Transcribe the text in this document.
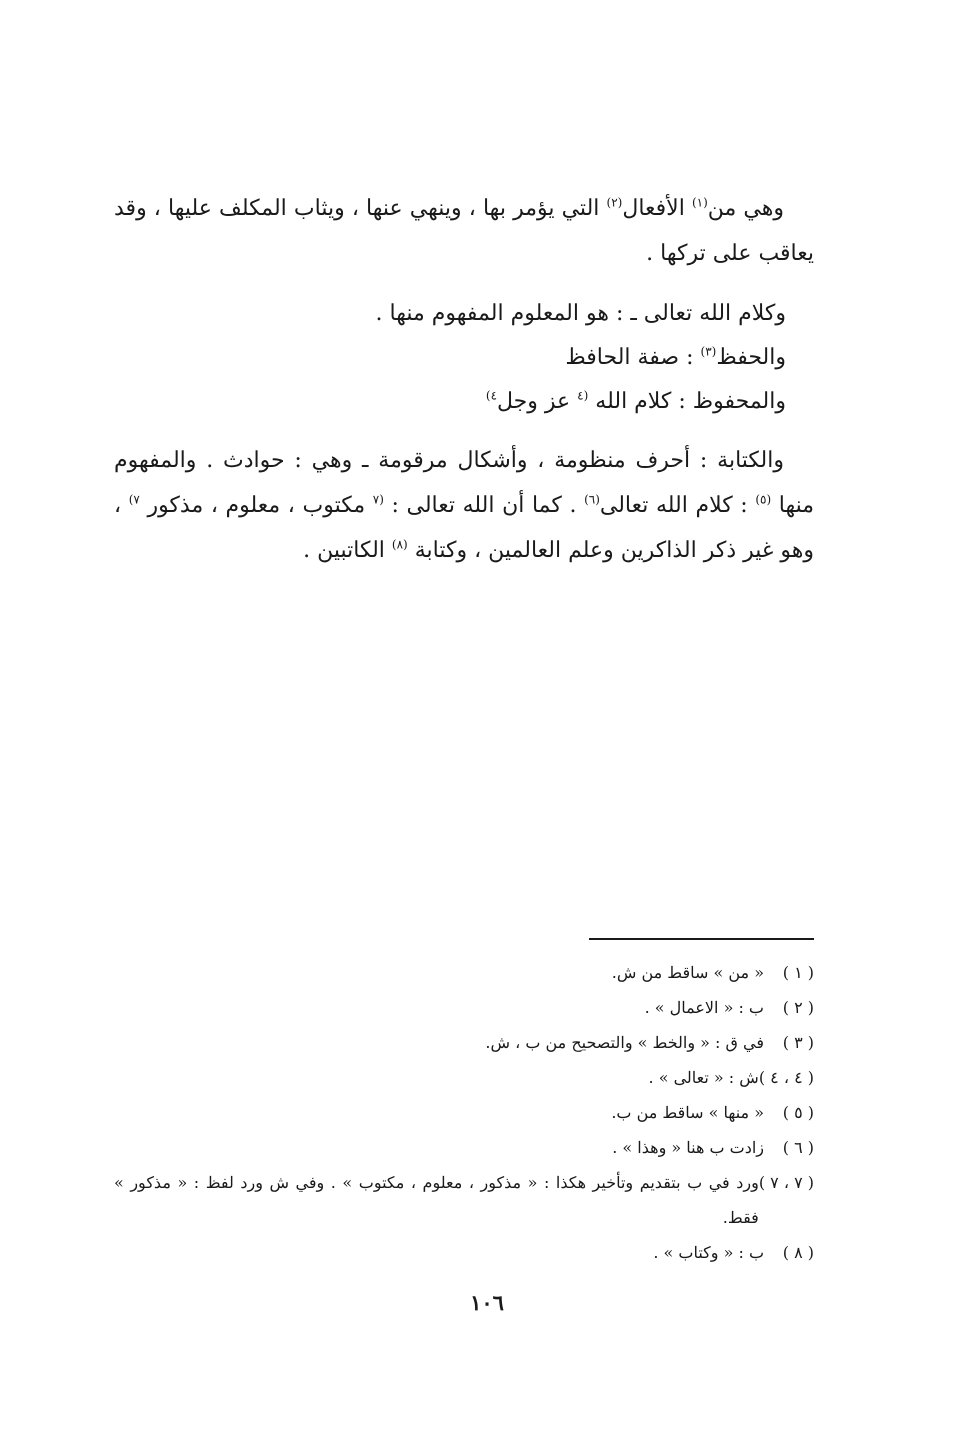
وهي من$^{(١)}$ الأفعال$^{(٢)}$ التي يؤمر بها ، وينهي عنها ، ويثاب المكلف عليها ، وقد يعاقب على تركها .

وكلام الله تعالى ـ : هو المعلوم المفهوم منها .
والحفظ$^{(٣)}$ : صفة الحافظ
والمحفوظ : كلام الله $^{(٤}$ عز وجل$^{٤)}$

والكتابة : أحرف منظومة ، وأشكال مرقومة ـ وهي : حوادث . والمفهوم منها $^{(٥)}$ : كلام الله تعالى$^{(٦)}$ . كما أن الله تعالى : $^{(٧}$ مكتوب ، معلوم ، مذكور $^{٧)}$ ، وهو غير ذكر الذاكرين وعلم العالمين ، وكتابة $^{(٨)}$ الكاتبين .

( ١ )
« من » ساقط من ش.
( ٢ )
ب : « الاعمال » .
( ٣ )
في ق : « والخط » والتصحيح من ب ، ش.
( ٤ ، ٤ )
ش : « تعالى » .
( ٥ )
« منها » ساقط من ب.
( ٦ )
زادت ب هنا « وهذا » .
( ٧ ، ٧ )
ورد في ب بتقديم وتأخير هكذا : « مذكور ، معلوم ، مكتوب » . وفي ش ورد لفظ : « مذكور » فقط.
( ٨ )
ب : « وكتاب » .
١٠٦
